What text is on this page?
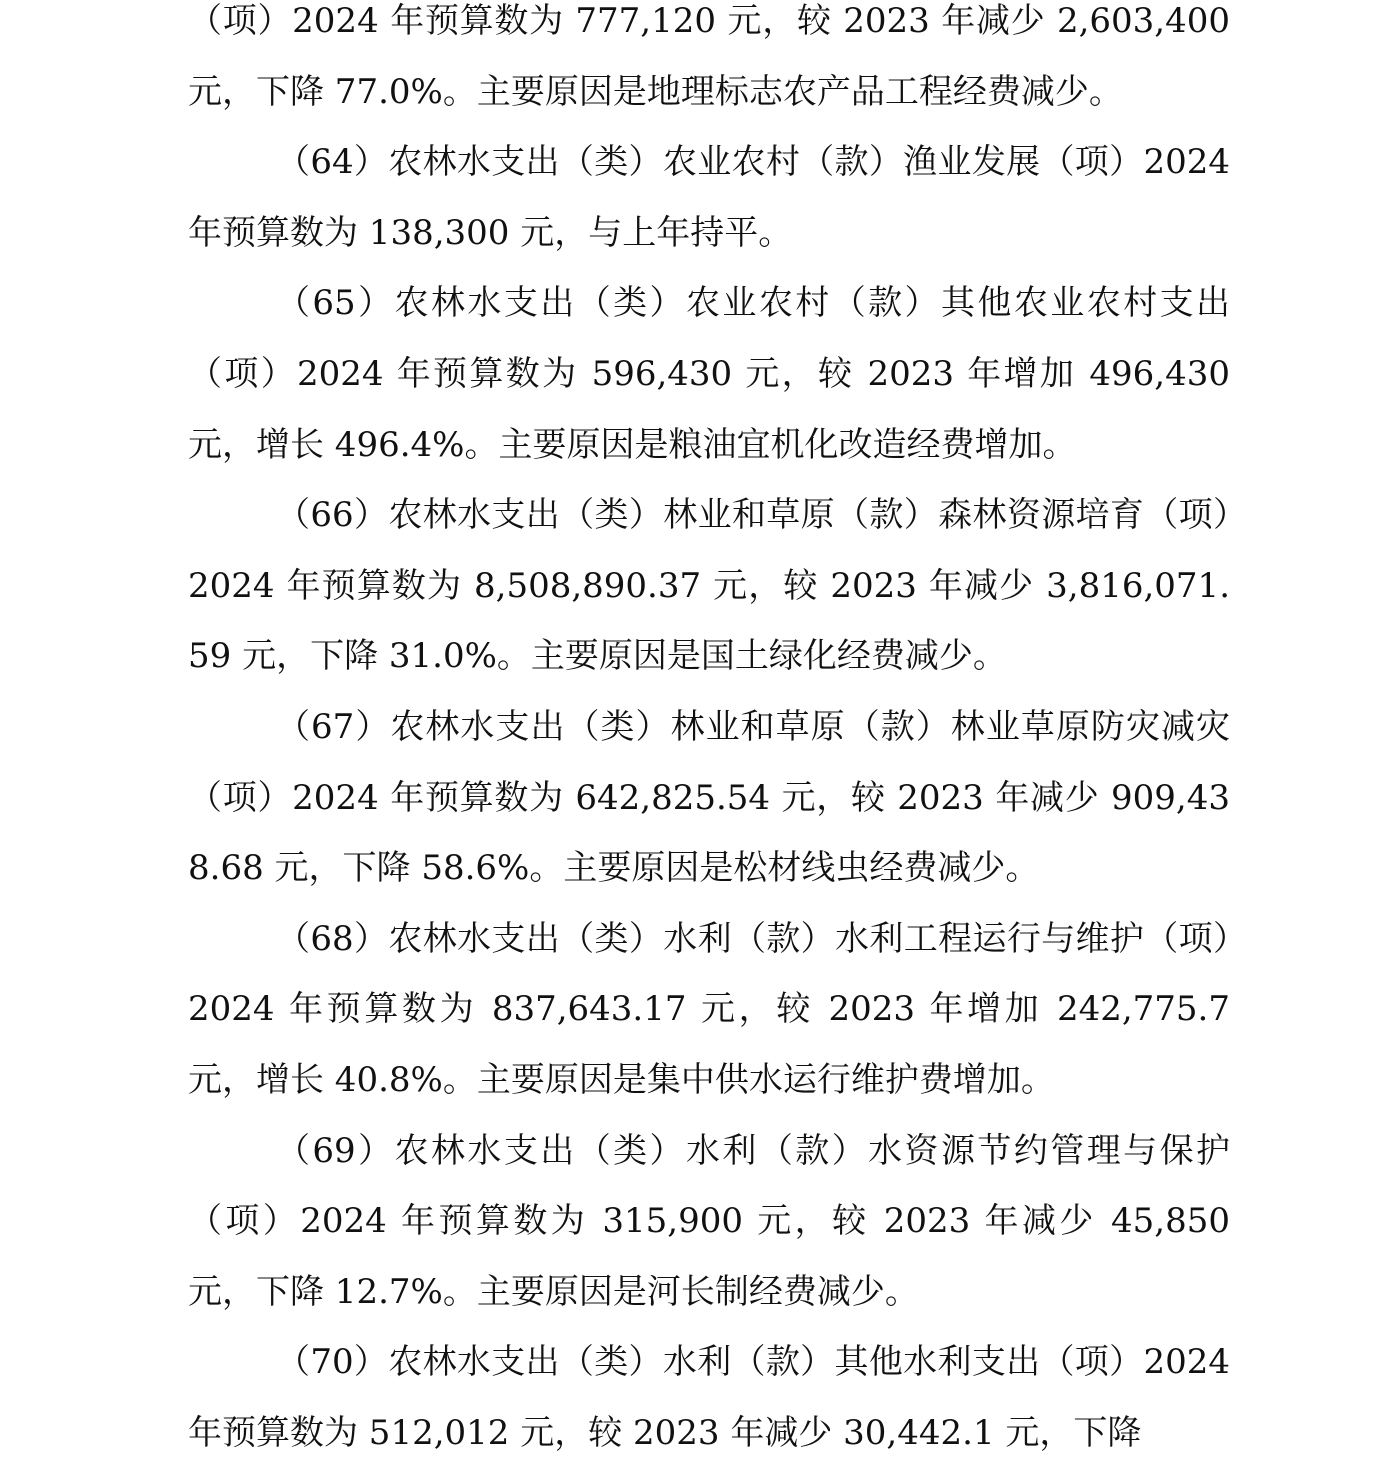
（项）2024 年预算数为 777,120 元，较 2023 年减少 2,603,400 元，下降 77.0%。主要原因是地理标志农产品工程经费减少。

（64）农林水支出（类）农业农村（款）渔业发展（项）2024 年预算数为 138,300 元，与上年持平。

（65）农林水支出（类）农业农村（款）其他农业农村支出（项）2024 年预算数为 596,430 元，较 2023 年增加 496,430 元，增长 496.4%。主要原因是粮油宜机化改造经费增加。

（66）农林水支出（类）林业和草原（款）森林资源培育（项）2024 年预算数为 8,508,890.37 元，较 2023 年减少 3,816,071.59 元，下降 31.0%。主要原因是国土绿化经费减少。

（67）农林水支出（类）林业和草原（款）林业草原防灾减灾（项）2024 年预算数为 642,825.54 元，较 2023 年减少 909,438.68 元，下降 58.6%。主要原因是松材线虫经费减少。

（68）农林水支出（类）水利（款）水利工程运行与维护（项）2024 年预算数为 837,643.17 元，较 2023 年增加 242,775.7 元，增长 40.8%。主要原因是集中供水运行维护费增加。

（69）农林水支出（类）水利（款）水资源节约管理与保护（项）2024 年预算数为 315,900 元，较 2023 年减少 45,850 元，下降 12.7%。主要原因是河长制经费减少。

（70）农林水支出（类）水利（款）其他水利支出（项）2024 年预算数为 512,012 元，较 2023 年减少 30,442.1 元，下降
